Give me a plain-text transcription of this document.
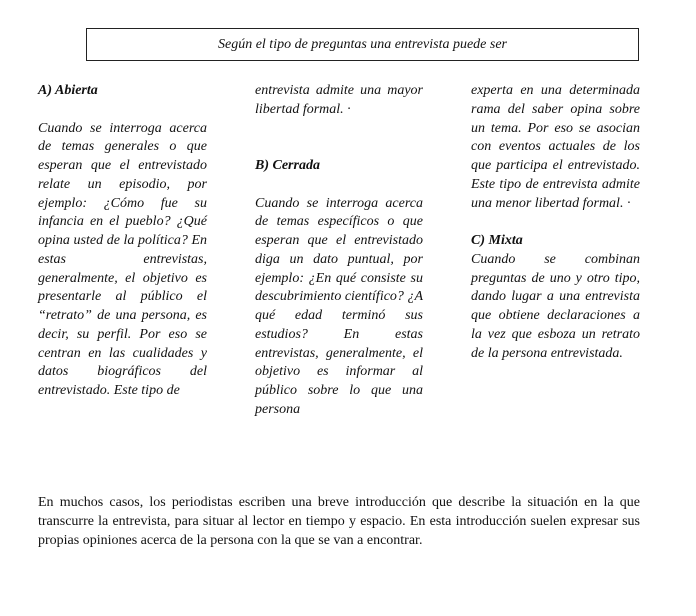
Según el tipo de preguntas una entrevista puede ser

A) Abierta

Cuando se interroga acerca de temas generales o que esperan que el entrevistado relate un episodio, por ejemplo: ¿Cómo fue su infancia en el pueblo? ¿Qué opina usted de la política? En estas entrevistas, generalmente, el objetivo es presentarle al público el “retrato” de una persona, es decir, su perfil. Por eso se centran en las cualidades y datos biográficos del entrevistado. Este tipo de

entrevista admite una mayor libertad formal. ·

B) Cerrada

Cuando se interroga acerca de temas específicos o que esperan que el entrevistado diga un dato puntual, por ejemplo: ¿En qué consiste su descubrimiento científico? ¿A qué edad terminó sus estudios? En estas entrevistas, generalmente, el objetivo es informar al público sobre lo que una persona

experta en una determinada rama del saber opina sobre un tema. Por eso se asocian con eventos actuales de los que participa el entrevistado. Este tipo de entrevista admite una menor libertad formal. ·

C) Mixta

Cuando se combinan preguntas de uno y otro tipo, dando lugar a una entrevista que obtiene declaraciones a la vez que esboza un retrato de la persona entrevistada.

En muchos casos, los periodistas escriben una breve introducción que describe la situación en la que transcurre la entrevista, para situar al lector en tiempo y espacio. En esta introducción suelen expresar sus propias opiniones acerca de la persona con la que se van a encontrar.
